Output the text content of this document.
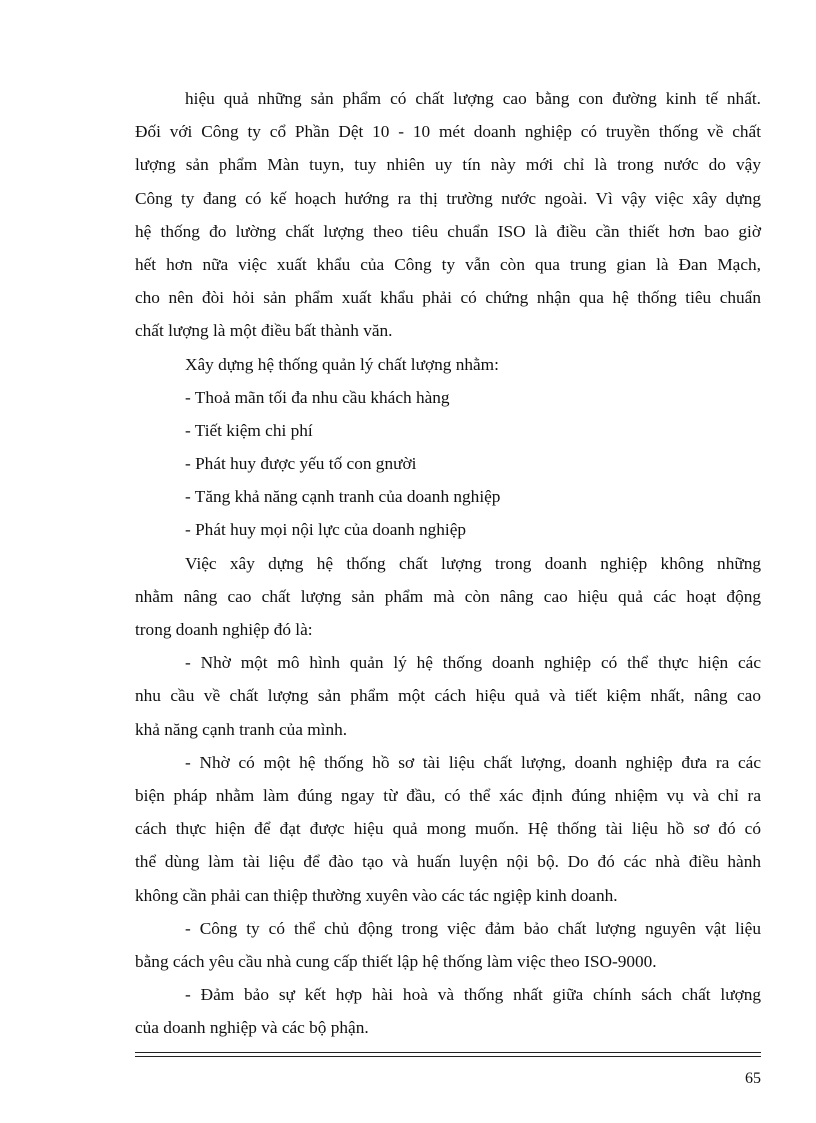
hiệu quả những sản phẩm có chất lượng cao bằng con đường kinh tế nhất.
Đối với Công ty cổ Phần Dệt 10 - 10 mét doanh nghiệp có truyền thống về chất
lượng sản phẩm Màn tuyn, tuy nhiên uy tín này mới chỉ là trong nước do vậy
Công ty đang có kế hoạch hướng ra thị trường nước ngoài. Vì vậy việc xây dựng
hệ thống đo lường chất lượng theo tiêu chuẩn ISO là điều cần thiết hơn bao giờ
hết hơn nữa việc xuất khẩu của Công ty vẫn còn qua trung gian là Đan Mạch,
cho nên đòi hỏi sản phẩm xuất khẩu phải có chứng nhận qua hệ thống tiêu chuẩn
chất lượng là một điều bất thành văn.
Xây dựng hệ thống quản lý chất lượng nhằm:
- Thoả mãn tối đa nhu cầu khách hàng
- Tiết kiệm chi phí
- Phát huy được yếu tố con gnười
- Tăng khả năng cạnh tranh của doanh nghiệp
- Phát huy mọi nội lực của doanh nghiệp
Việc xây dựng hệ thống chất lượng trong doanh nghiệp không những
nhằm nâng cao chất lượng sản phẩm mà còn nâng cao hiệu quả các hoạt động
trong doanh nghiệp đó là:
- Nhờ một mô hình quản lý hệ thống doanh nghiệp có thể thực hiện các
nhu cầu về chất lượng sản phẩm một cách hiệu quả và tiết kiệm nhất, nâng cao
khả năng cạnh tranh của mình.
- Nhờ có một hệ thống hồ sơ tài liệu chất lượng, doanh nghiệp đưa ra các
biện pháp nhằm làm đúng ngay từ đầu, có thể xác định đúng nhiệm vụ và chỉ ra
cách thực hiện để đạt được hiệu quả mong muốn. Hệ thống tài liệu hồ sơ đó có
thể dùng làm tài liệu để đào tạo và huấn luyện nội bộ. Do đó các nhà điều hành
không cần phải can thiệp thường xuyên vào các tác ngiệp kinh doanh.
- Công ty có thể chủ động trong việc đảm bảo chất lượng nguyên vật liệu
bằng cách yêu cầu nhà cung cấp thiết lập hệ thống làm việc theo ISO-9000.
- Đảm bảo sự kết hợp hài hoà và thống nhất giữa chính sách chất lượng
của doanh nghiệp và các bộ phận.
65
